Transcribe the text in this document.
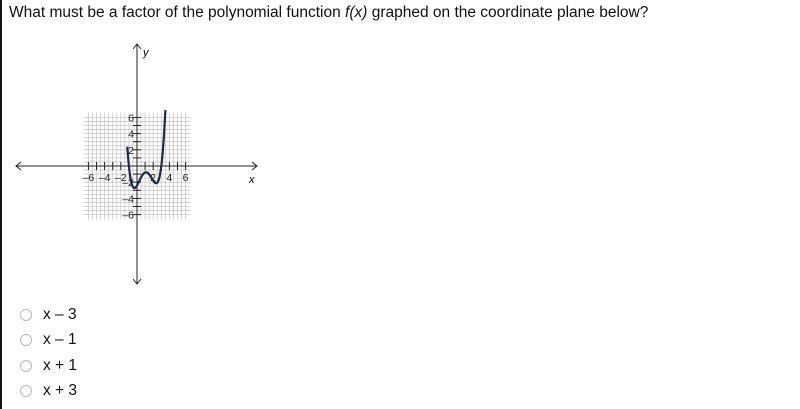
What must be a factor of the polynomial function f(x) graphed on the coordinate plane below?
–6 –4 –2 2 4 6
6
4
2
–2
–4
–6
x
y
x – 3
x – 1
x + 1
x + 3
